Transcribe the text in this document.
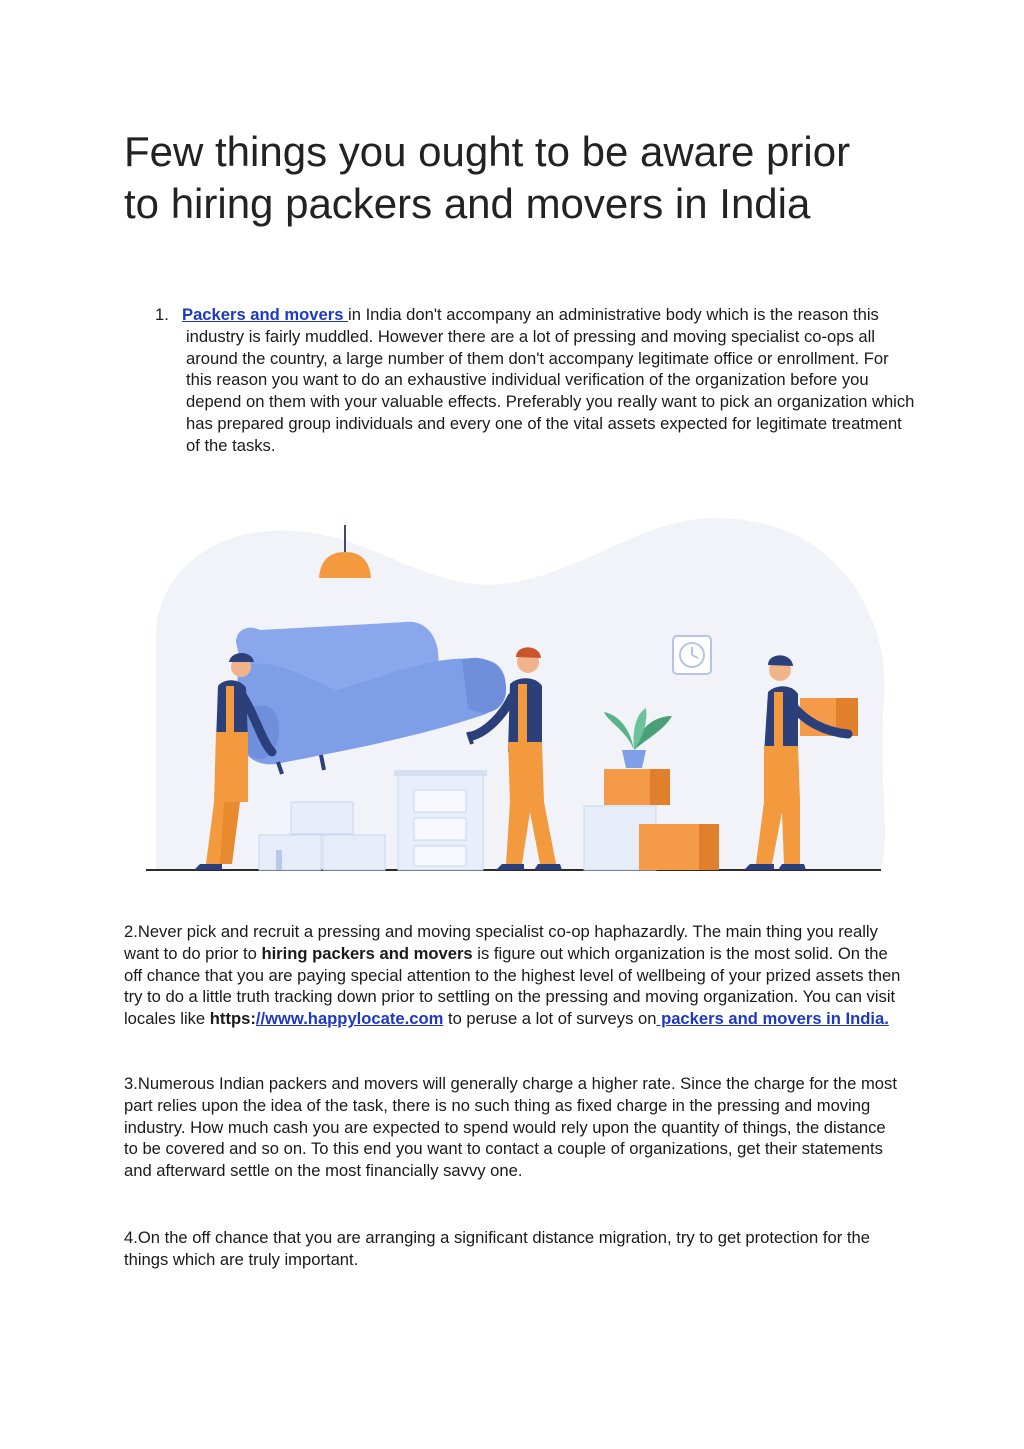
Few things you ought to be aware prior
to hiring packers and movers in India
1. Packers and movers in India don't accompany an administrative body which is the reason this industry is fairly muddled. However there are a lot of pressing and moving specialist co-ops all around the country, a large number of them don't accompany legitimate office or enrollment. For this reason you want to do an exhaustive individual verification of the organization before you depend on them with your valuable effects. Preferably you really want to pick an organization which has prepared group individuals and every one of the vital assets expected for legitimate treatment of the tasks.

2.Never pick and recruit a pressing and moving specialist co-op haphazardly. The main thing you really want to do prior to hiring packers and movers is figure out which organization is the most solid. On the off chance that you are paying special attention to the highest level of wellbeing of your prized assets then try to do a little truth tracking down prior to settling on the pressing and moving organization. You can visit locales like https://www.happylocate.com to peruse a lot of surveys on packers and movers in India.

3.Numerous Indian packers and movers will generally charge a higher rate. Since the charge for the most part relies upon the idea of the task, there is no such thing as fixed charge in the pressing and moving industry. How much cash you are expected to spend would rely upon the quantity of things, the distance to be covered and so on. To this end you want to contact a couple of organizations, get their statements and afterward settle on the most financially savvy one.

4.On the off chance that you are arranging a significant distance migration, try to get protection for the things which are truly important.
